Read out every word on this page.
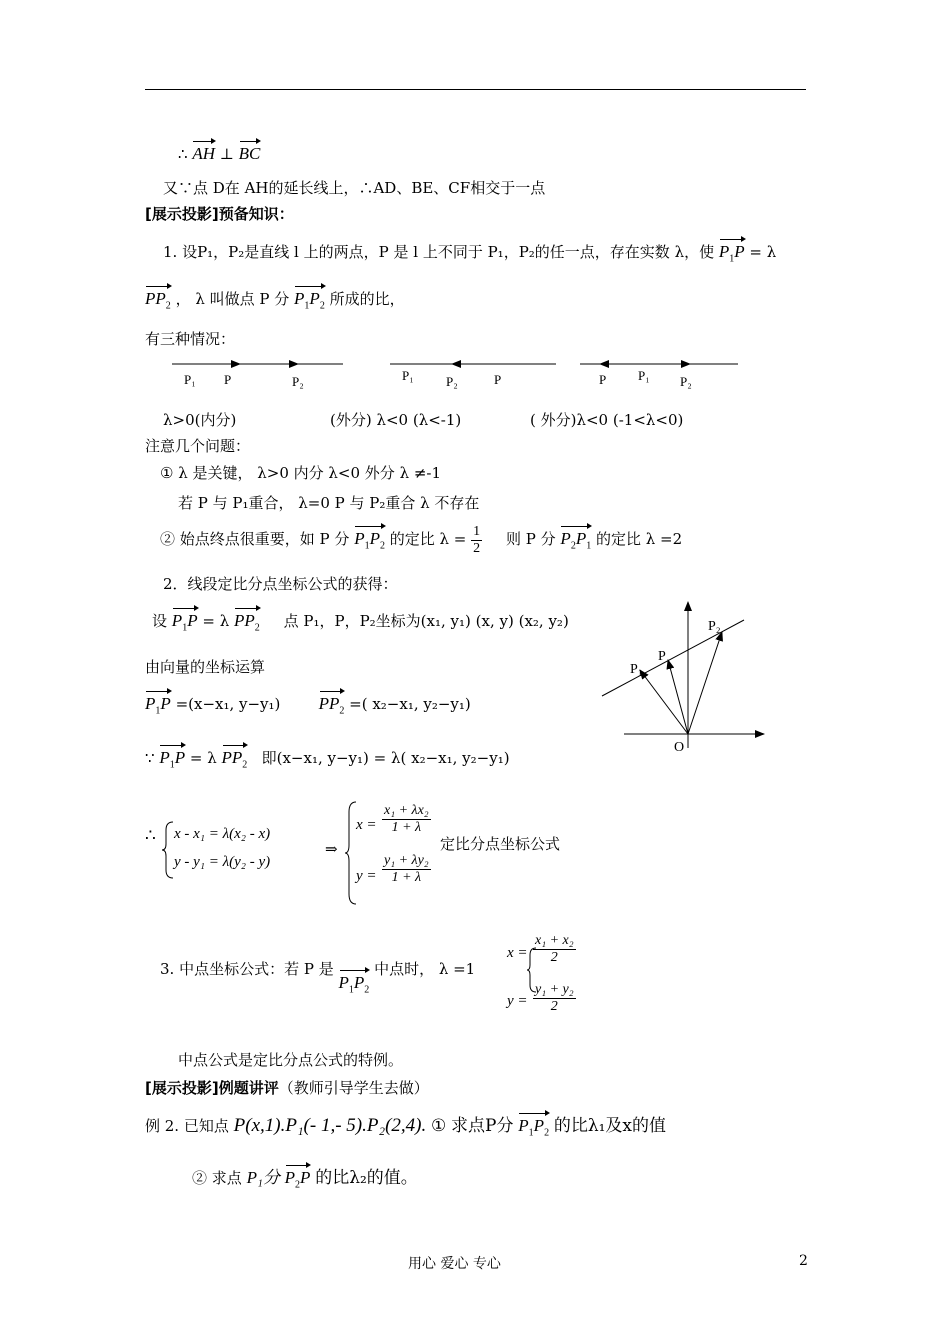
∴ AH ⊥ BC
又∵点 D在 AH的延长线上，∴AD、BE、CF相交于一点
[展示投影]预备知识：
1. 设P₁，P₂是直线 l 上的两点，P 是 l 上不同于 P₁，P₂的任一点，存在实数 λ，使 $P_1P = \lambda$
$PP_2$ ， λ 叫做点 P 分 $P_1P_2$ 所成的比，
有三种情况：
P₁ P	P₂	P₁ P₂	P	P P₁ P₂
λ>0(内分)	(外分) λ<0 (λ<-1)	( 外分)λ<0 (-1<λ<0)
注意几个问题：
① λ 是关键， λ>0 内分 λ<0 外分 λ ≠-1
若 P 与 P₁重合， λ=0 P 与 P₂重合 λ 不存在
② 始点终点很重要，如 P 分 $P_1P_2$ 的定比 $\lambda = \frac{1}{2}$ 则 P 分 $P_2P_1$ 的定比 λ =2
2．线段定比分点坐标公式的获得：
设 $P_1P = \lambda$ $PP_2$ 点 P₁，P，P₂坐标为(x₁, y₁) (x, y) (x₂, y₂)
由向量的坐标运算
$P_1P =(x-x_1$, y−y₁) $PP_2$ =( x₂−x₁, y₂−y₁)
∵ $P_1P = \lambda$ $PP_2$ 即(x−x₁, y−y₁) = λ( x₂−x₁, y₂−y₁)
P₂
P
P₁
O
∴ x - x₁ = λ(x₂ - x)
y - y₁ = λ(y₂ - y)
⇒
$x = \frac{\text{x₁ + λx₂}}{1 + \lambda}$
定比分点坐标公式
$y = \frac{\text{y₁ + λy₂}}{1 + \lambda}$
3. 中点坐标公式：若 P 是 $P_1P_2$ 中点时， λ =1
$x = \frac{\text{x₁ + x₂}}{2}$
$y = \frac{\text{y₁ + y₂}}{2}$
中点公式是定比分点公式的特例。
[展示投影]例题讲评（教师引导学生去做）
例 2. 已知点 P(x,1).P₁(- 1,- 5).P₂(2,4). ① 求点P分 $P_1P_2$ 的比λ₁及x的值
② 求点 P₁分 $P_2P$ 的比λ₂的值。
用心 爱心 专心	2
